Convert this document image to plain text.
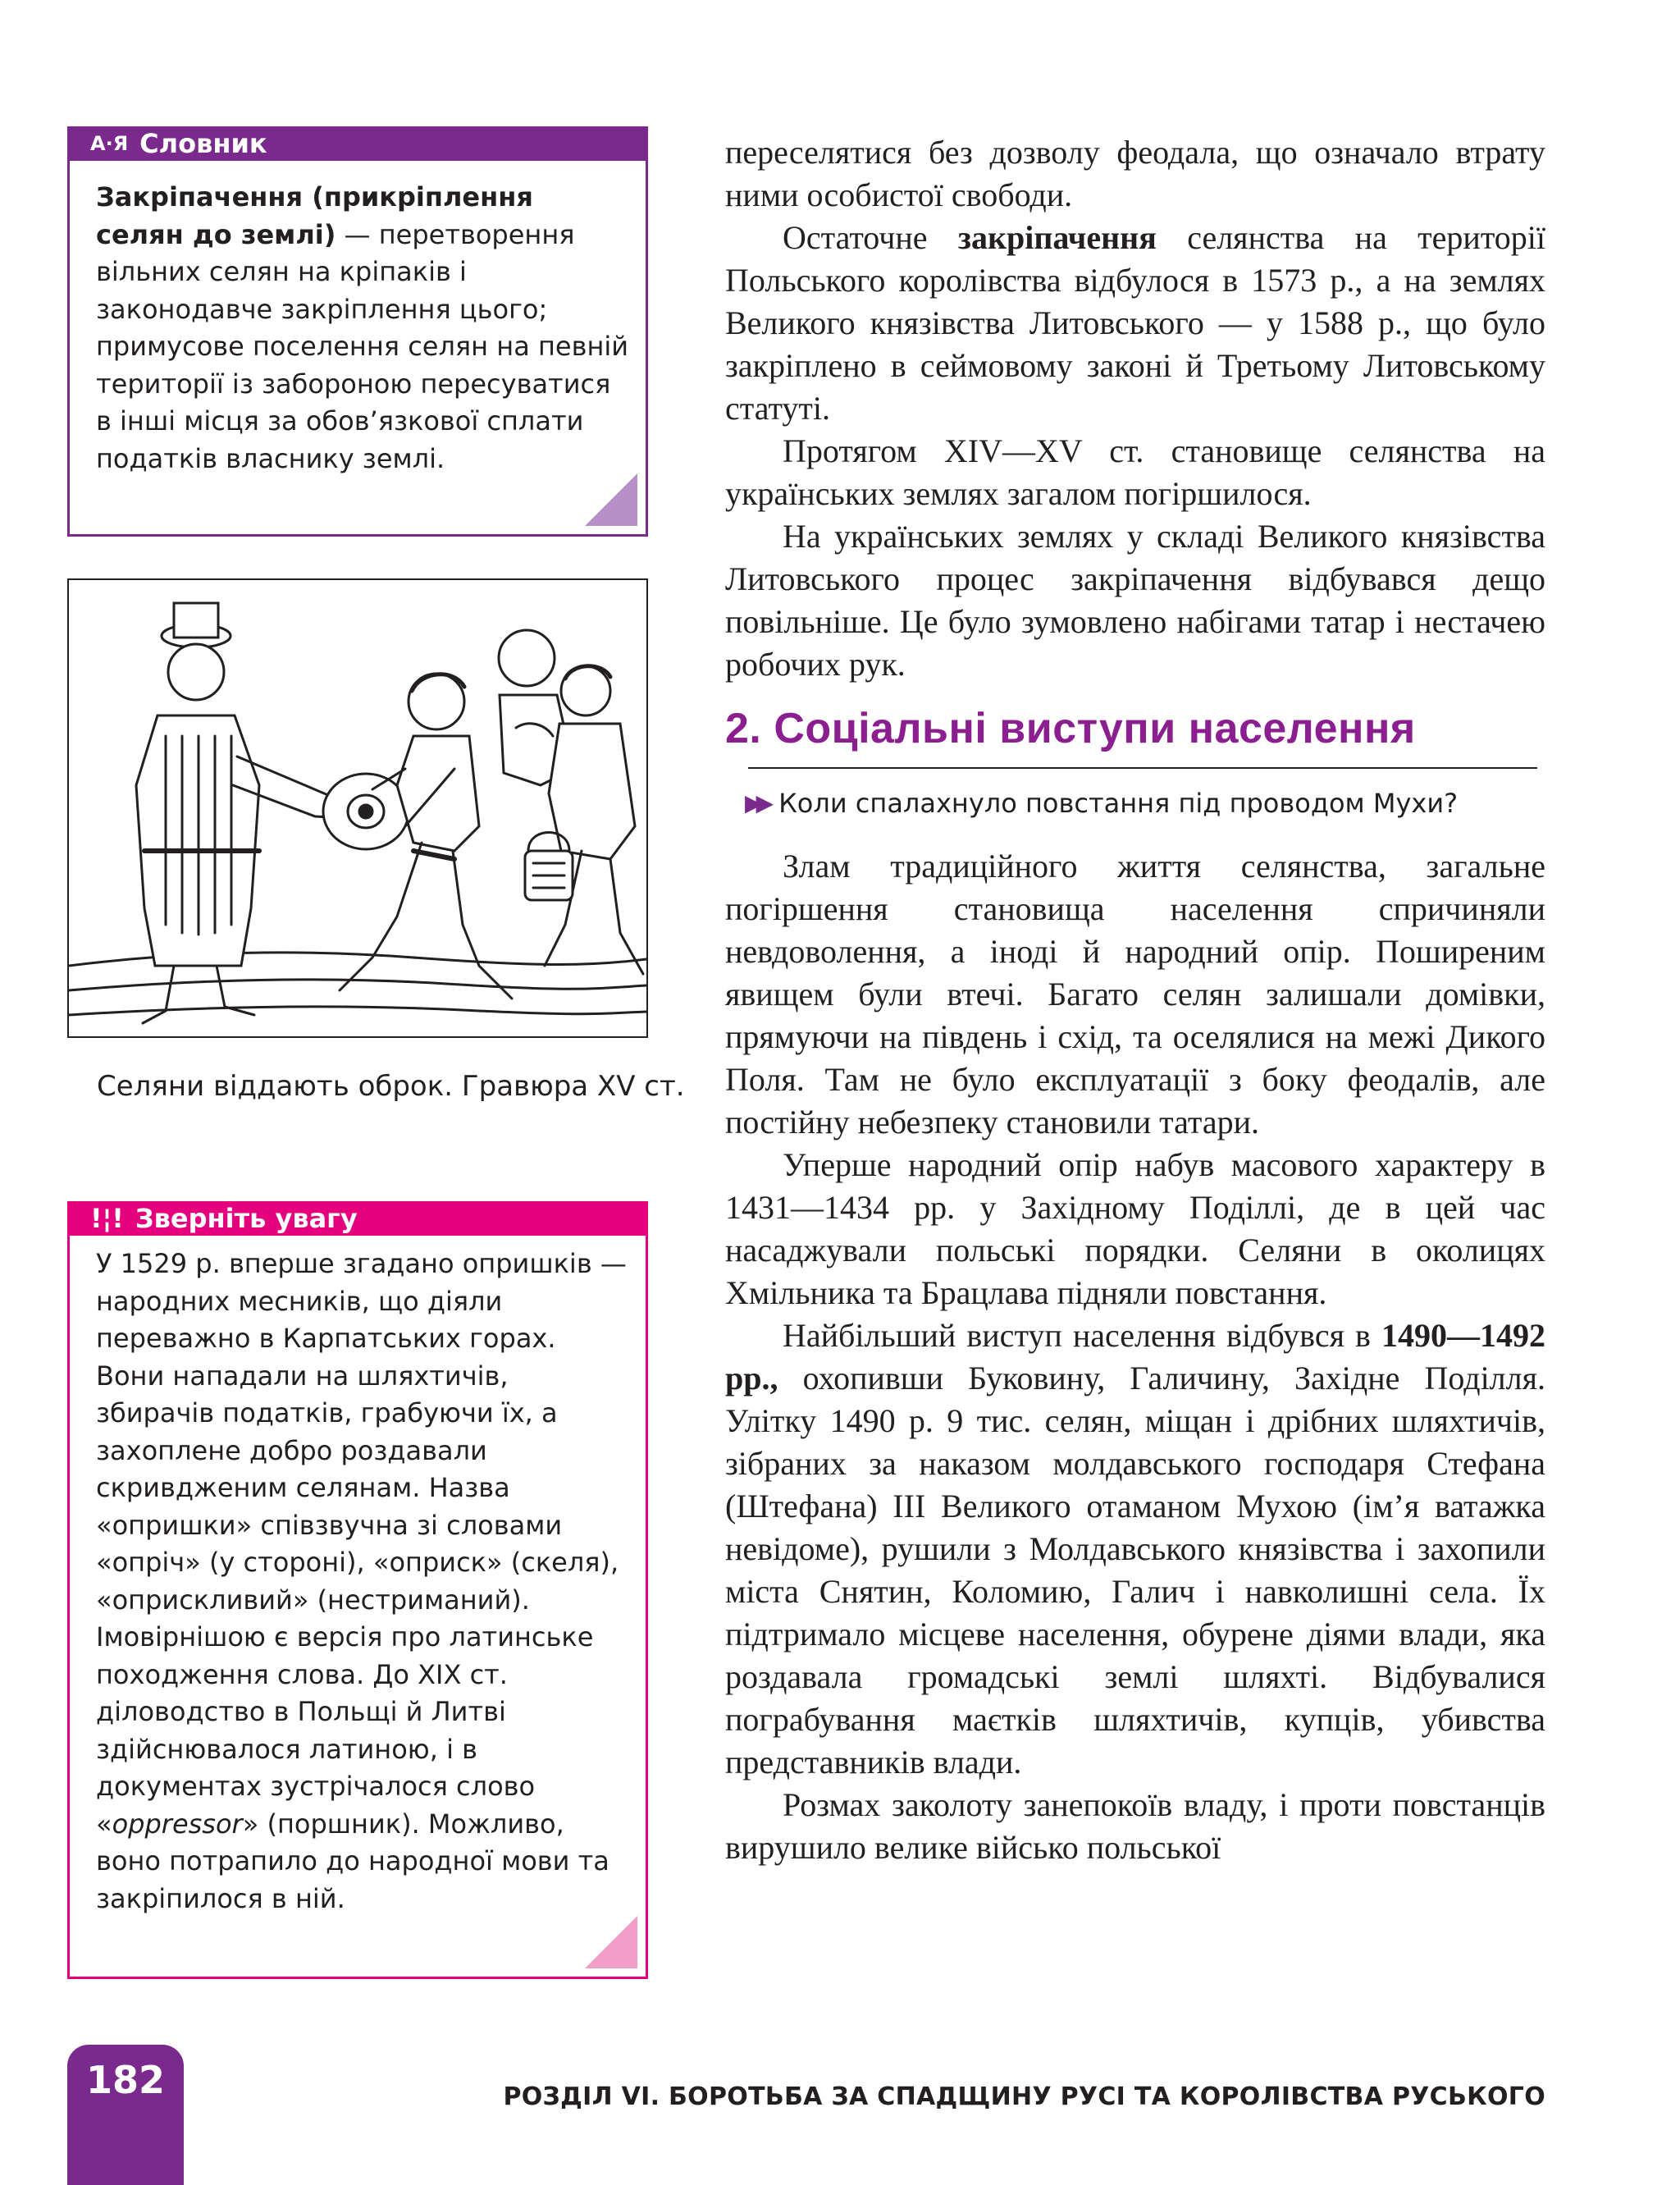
А·Я Словник
Закріпачення (прикріплення селян до землі) — перетворення вільних селян на кріпаків і законодавче закріплення цього; примусове поселення селян на певній території із забороною пересуватися в інші місця за обов’язкової сплати податків власнику землі.
Селяни віддають оброк. Гравюра XV ст.
!¦! Зверніть увагу
У 1529 р. вперше згадано опришків — народних месників, що діяли переважно в Карпатських горах. Вони нападали на шляхтичів, збирачів податків, грабуючи їх, а захоплене добро роздавали скривдженим селянам. Назва «опришки» співзвучна зі словами «опріч» (у стороні), «оприск» (скеля), «оприскливий» (нестриманий). Імовірнішою є версія про латинське походження слова. До XIX ст. діловодство в Польщі й Литві здійснювалося латиною, і в документах зустрічалося слово «oppressor» (поршник). Можливо, воно потрапило до народної мови та закріпилося в ній.

переселятися без дозволу феодала, що означало втрату ними особистої свободи.

Остаточне закріпачення селянства на території Польського королівства відбулося в 1573 р., а на землях Великого князівства Литовського — у 1588 р., що було закріплено в сеймовому законі й Третьому Литовському статуті.

Протягом XIV—XV ст. становище селянства на українських землях загалом погіршилося.

На українських землях у складі Великого князівства Литовського процес закріпачення відбувався дещо повільніше. Це було зумовлено набігами татар і нестачею робочих рук.

2. Соціальні виступи населення
▶▶ Коли спалахнуло повстання під проводом Мухи?

Злам традиційного життя селянства, загальне погіршення становища населення спричиняли невдоволення, а іноді й народний опір. Поширеним явищем були втечі. Багато селян залишали домівки, прямуючи на південь і схід, та оселялися на межі Дикого Поля. Там не було експлуатації з боку феодалів, але постійну небезпеку становили татари.

Уперше народний опір набув масового характеру в 1431—1434 рр. у Західному Поділлі, де в цей час насаджували польські порядки. Селяни в околицях Хмільника та Брацлава підняли повстання.

Найбільший виступ населення відбувся в 1490—1492 рр., охопивши Буковину, Галичину, Західне Поділля. Улітку 1490 р. 9 тис. селян, міщан і дрібних шляхтичів, зібраних за наказом молдавського господаря Стефана (Штефана) III Великого отаманом Мухою (ім’я ватажка невідоме), рушили з Молдавського князівства і захопили міста Снятин, Коломию, Галич і навколишні села. Їх підтримало місцеве населення, обурене діями влади, яка роздавала громадські землі шляхті. Відбувалися пограбування маєтків шляхтичів, купців, убивства представників влади.

Розмах заколоту занепокоїв владу, і проти повстанців вирушило велике військо польської

182	РОЗДІЛ VI. БОРОТЬБА ЗА СПАДЩИНУ РУСІ ТА КОРОЛІВСТВА РУСЬКОГО
